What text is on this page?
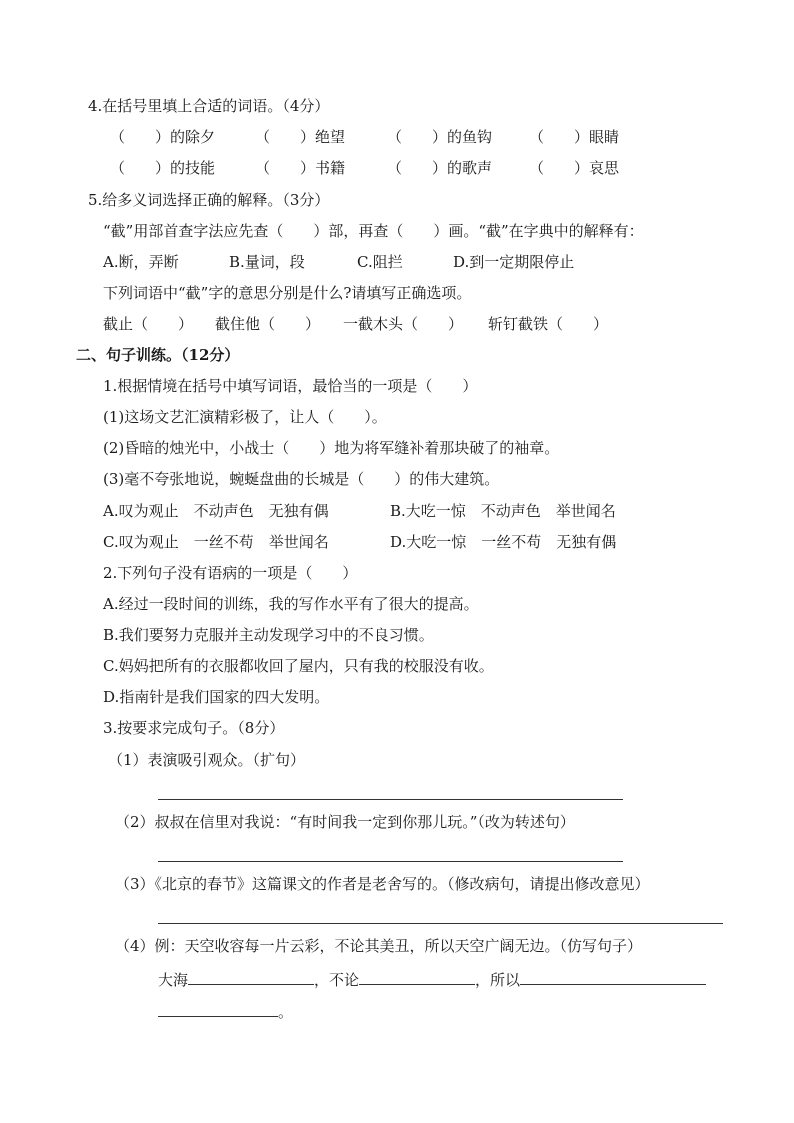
4.在括号里填上合适的词语。（4分）
（　　）的除夕	（　　）绝望	（　　）的鱼钩	（　　）眼睛
（　　）的技能	（　　）书籍	（　　）的歌声	（　　）哀思
5.给多义词选择正确的解释。（3分）
“截”用部首查字法应先查（　　）部，再查（　　）画。“截”在字典中的解释有：
A.断，弄断	B.量词，段	C.阻拦	D.到一定期限停止
下列词语中“截”字的意思分别是什么?请填写正确选项。
截止（　　）	截住他（　　）	一截木头（　　）	斩钉截铁（　　）
二、句子训练。（12分）
1.根据情境在括号中填写词语，最恰当的一项是（　　）
(1)这场文艺汇演精彩极了，让人（　　）。
(2)昏暗的烛光中，小战士（　　）地为将军缝补着那块破了的袖章。
(3)毫不夸张地说，蜿蜒盘曲的长城是（　　）的伟大建筑。
A.叹为观止　不动声色　无独有偶	B.大吃一惊　不动声色　举世闻名
C.叹为观止　一丝不苟　举世闻名	D.大吃一惊　一丝不苟　无独有偶
2.下列句子没有语病的一项是（　　）
A.经过一段时间的训练，我的写作水平有了很大的提高。
B.我们要努力克服并主动发现学习中的不良习惯。
C.妈妈把所有的衣服都收回了屋内，只有我的校服没有收。
D.指南针是我们国家的四大发明。
3.按要求完成句子。（8分）
（1）表演吸引观众。（扩句）
（2）叔叔在信里对我说：“有时间我一定到你那儿玩。”（改为转述句）
（3）《北京的春节》这篇课文的作者是老舍写的。（修改病句，请提出修改意见）
（4）例：天空收容每一片云彩，不论其美丑，所以天空广阔无边。（仿写句子）
大海	，不论	，所以
。
